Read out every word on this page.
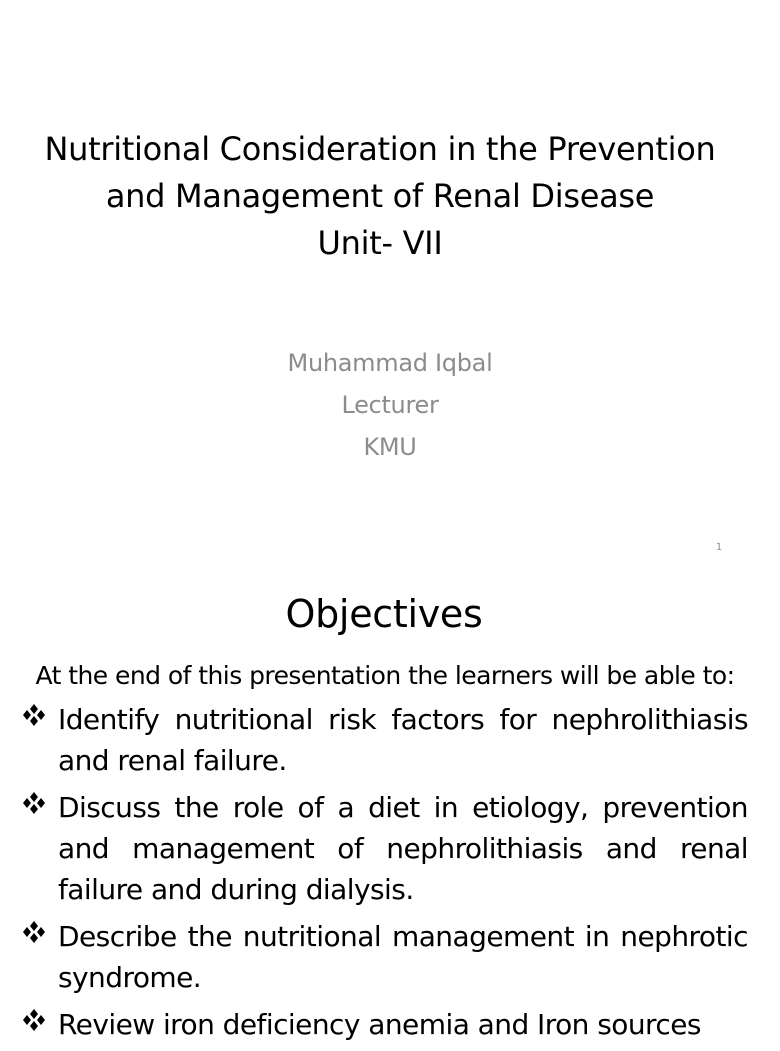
Nutritional Consideration in the Prevention
and Management of Renal Disease
Unit- VII
Muhammad Iqbal
Lecturer
KMU
1
Objectives
At the end of this presentation the learners will be able to:
Identify nutritional risk factors for nephrolithiasis and renal failure.
Discuss the role of a diet in etiology, prevention and management of nephrolithiasis and renal failure and during dialysis.
Describe the nutritional management in nephrotic syndrome.
Review iron deficiency anemia and Iron sources
